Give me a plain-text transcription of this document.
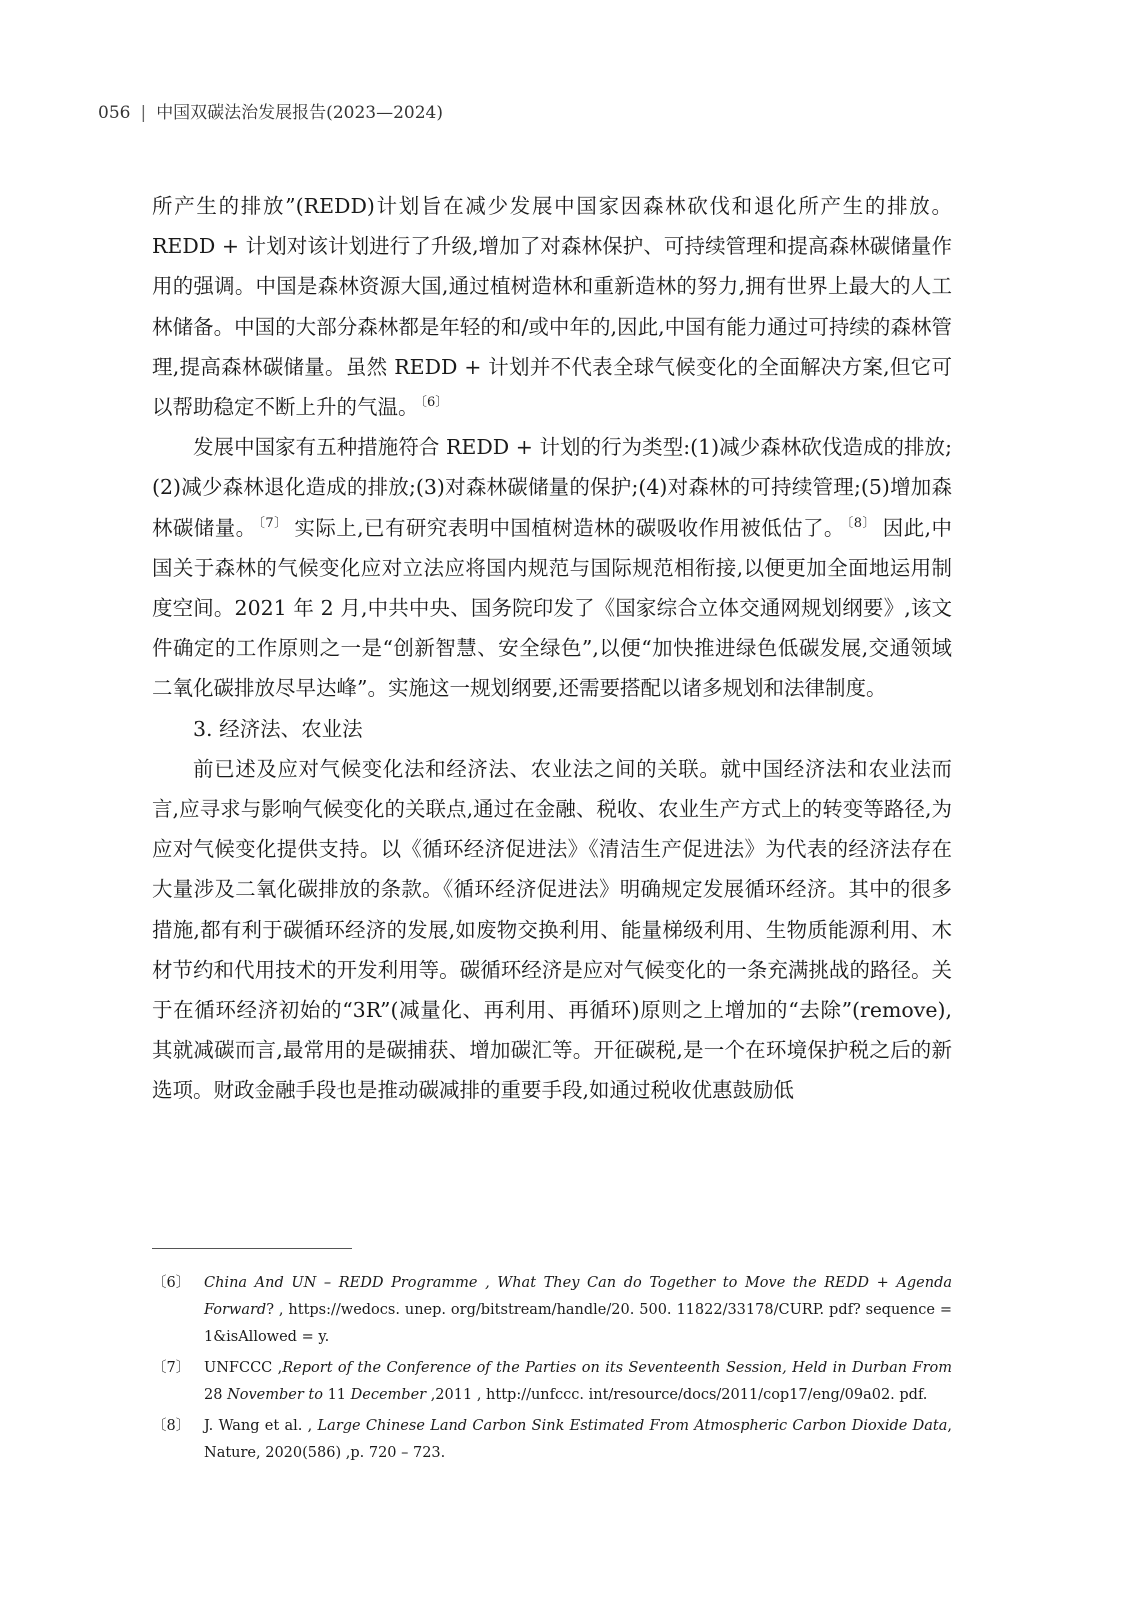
056 | 中国双碳法治发展报告(2023—2024)

所产生的排放”(REDD)计划旨在减少发展中国家因森林砍伐和退化所产生的排放。REDD + 计划对该计划进行了升级,增加了对森林保护、可持续管理和提高森林碳储量作用的强调。中国是森林资源大国,通过植树造林和重新造林的努力,拥有世界上最大的人工林储备。中国的大部分森林都是年轻的和/或中年的,因此,中国有能力通过可持续的森林管理,提高森林碳储量。虽然 REDD + 计划并不代表全球气候变化的全面解决方案,但它可以帮助稳定不断上升的气温。 $^{〔6〕}$

发展中国家有五种措施符合 REDD + 计划的行为类型:(1)减少森林砍伐造成的排放;(2)减少森林退化造成的排放;(3)对森林碳储量的保护;(4)对森林的可持续管理;(5)增加森林碳储量。 $^{〔7〕}$ 实际上,已有研究表明中国植树造林的碳吸收作用被低估了。 $^{〔8〕}$ 因此,中国关于森林的气候变化应对立法应将国内规范与国际规范相衔接,以便更加全面地运用制度空间。2021 年 2 月,中共中央、国务院印发了《国家综合立体交通网规划纲要》,该文件确定的工作原则之一是“创新智慧、安全绿色”,以便“加快推进绿色低碳发展,交通领域二氧化碳排放尽早达峰”。实施这一规划纲要,还需要搭配以诸多规划和法律制度。

3. 经济法、农业法

前已述及应对气候变化法和经济法、农业法之间的关联。就中国经济法和农业法而言,应寻求与影响气候变化的关联点,通过在金融、税收、农业生产方式上的转变等路径,为应对气候变化提供支持。以《循环经济促进法》《清洁生产促进法》为代表的经济法存在大量涉及二氧化碳排放的条款。《循环经济促进法》明确规定发展循环经济。其中的很多措施,都有利于碳循环经济的发展,如废物交换利用、能量梯级利用、生物质能源利用、木材节约和代用技术的开发利用等。碳循环经济是应对气候变化的一条充满挑战的路径。关于在循环经济初始的“3R”(减量化、再利用、再循环)原则之上增加的“去除”(remove),其就减碳而言,最常用的是碳捕获、增加碳汇等。开征碳税,是一个在环境保护税之后的新选项。财政金融手段也是推动碳减排的重要手段,如通过税收优惠鼓励低

〔6〕 China And UN – REDD Programme , What They Can do Together to Move the REDD + Agenda Forward? , https://wedocs. unep. org/bitstream/handle/20. 500. 11822/33178/CURP. pdf? sequence = 1&isAllowed = y.
〔7〕 UNFCCC ,Report of the Conference of the Parties on its Seventeenth Session, Held in Durban From 28 November to 11 December ,2011 , http://unfccc. int/resource/docs/2011/cop17/eng/09a02. pdf.
〔8〕 J. Wang et al. , Large Chinese Land Carbon Sink Estimated From Atmospheric Carbon Dioxide Data, Nature, 2020(586) ,p. 720 – 723.
